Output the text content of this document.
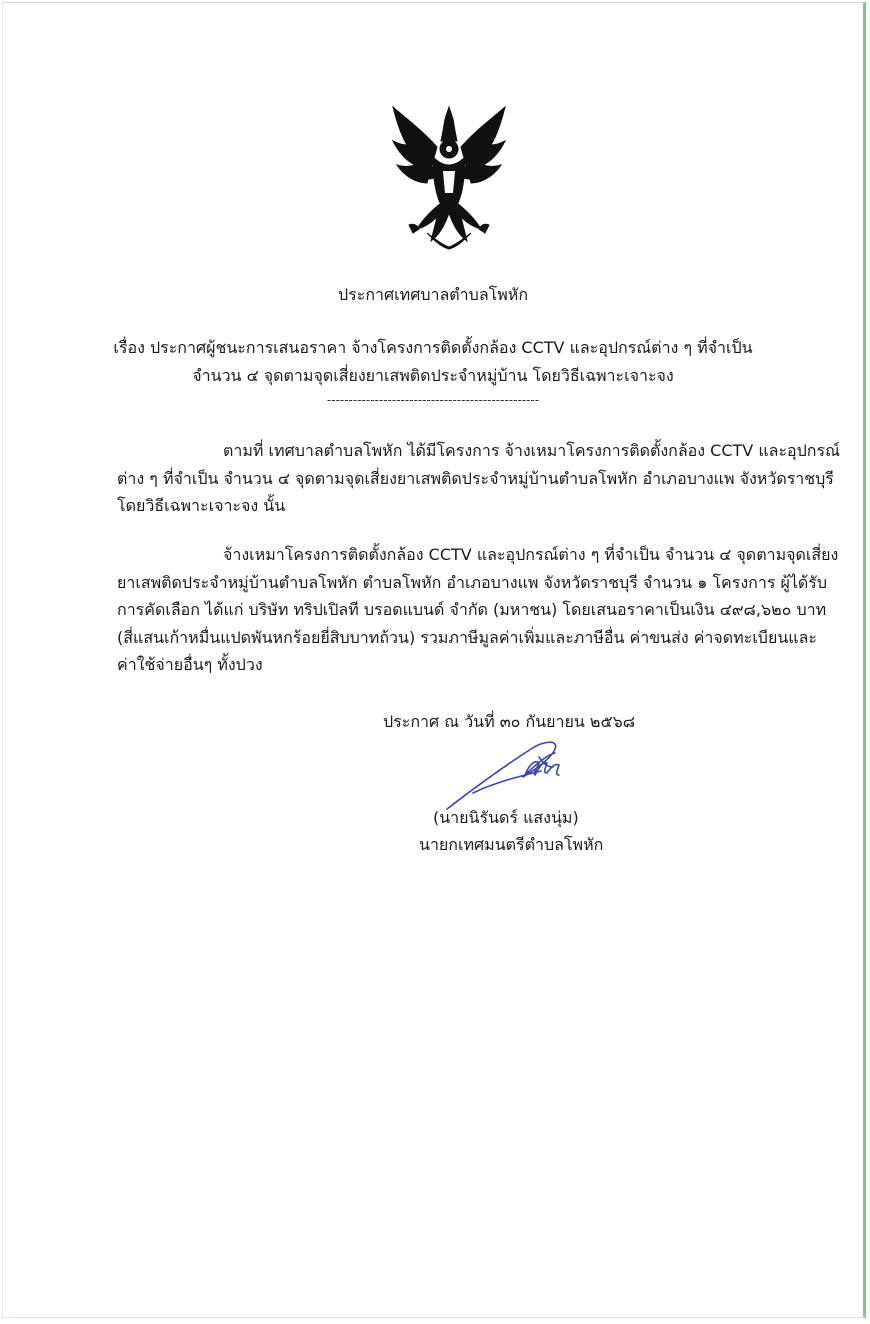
ประกาศเทศบาลตำบลโพหัก
เรื่อง ประกาศผู้ชนะการเสนอราคา จ้างโครงการติดตั้งกล้อง CCTV และอุปกรณ์ต่าง ๆ ที่จำเป็น
จำนวน ๔ จุดตามจุดเสี่ยงยาเสพติดประจำหมู่บ้าน โดยวิธีเฉพาะเจาะจง
-------------------------------------------------
ตามที่ เทศบาลตำบลโพหัก ได้มีโครงการ จ้างเหมาโครงการติดตั้งกล้อง CCTV และอุปกรณ์
ต่าง ๆ ที่จำเป็น จำนวน ๔ จุดตามจุดเสี่ยงยาเสพติดประจำหมู่บ้านตำบลโพหัก อำเภอบางแพ จังหวัดราชบุรี
โดยวิธีเฉพาะเจาะจง นั้น
จ้างเหมาโครงการติดตั้งกล้อง CCTV และอุปกรณ์ต่าง ๆ ที่จำเป็น จำนวน ๔ จุดตามจุดเสี่ยง
ยาเสพติดประจำหมู่บ้านตำบลโพหัก ตำบลโพหัก อำเภอบางแพ จังหวัดราชบุรี จำนวน ๑ โครงการ ผู้ได้รับ
การคัดเลือก ได้แก่ บริษัท ทริปเปิลที บรอดแบนด์ จำกัด (มหาชน) โดยเสนอราคาเป็นเงิน ๔๙๘,๖๒๐ บาท
(สี่แสนเก้าหมื่นแปดพันหกร้อยยี่สิบบาทถ้วน) รวมภาษีมูลค่าเพิ่มและภาษีอื่น ค่าขนส่ง ค่าจดทะเบียนและ
ค่าใช้จ่ายอื่นๆ ทั้งปวง
ประกาศ ณ วันที่ ๓๐ กันยายน ๒๕๖๘
(นายนิรันดร์ แสงนุ่ม)
นายกเทศมนตรีตำบลโพหัก
